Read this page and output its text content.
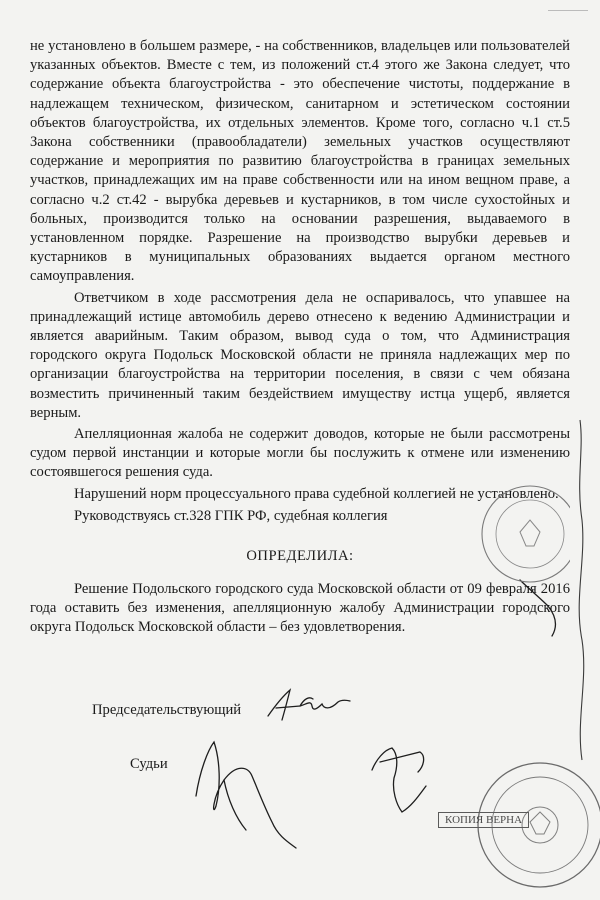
не установлено в большем размере, - на собственников, владельцев или пользователей указанных объектов. Вместе с тем, из положений ст.4 этого же Закона следует, что содержание объекта благоустройства - это обеспечение чистоты, поддержание в надлежащем техническом, физическом, санитарном и эстетическом состоянии объектов благоустройства, их отдельных элементов. Кроме того, согласно ч.1 ст.5 Закона собственники (правообладатели) земельных участков осуществляют содержание и мероприятия по развитию благоустройства в границах земельных участков, принадлежащих им на праве собственности или на ином вещном праве, а согласно ч.2 ст.42 - вырубка деревьев и кустарников, в том числе сухостойных и больных, производится только на основании разрешения, выдаваемого в установленном порядке. Разрешение на производство вырубки деревьев и кустарников в муниципальных образованиях выдается органом местного самоуправления.

Ответчиком в ходе рассмотрения дела не оспаривалось, что упавшее на принадлежащий истице автомобиль дерево отнесено к ведению Администрации и является аварийным. Таким образом, вывод суда о том, что Администрация городского округа Подольск Московской области не приняла надлежащих мер по организации благоустройства на территории поселения, в связи с чем обязана возместить причиненный таким бездействием имуществу истца ущерб, является верным.

Апелляционная жалоба не содержит доводов, которые не были рассмотрены судом первой инстанции и которые могли бы послужить к отмене или изменению состоявшегося решения суда.

Нарушений норм процессуального права судебной коллегией не установлено.

Руководствуясь ст.328 ГПК РФ, судебная коллегия

ОПРЕДЕЛИЛА:

Решение Подольского городского суда Московской области от 09 февраля 2016 года оставить без изменения, апелляционную жалобу Администрации городского округа Подольск Московской области – без удовлетворения.

Председательствующий
Судьи
КОПИЯ ВЕРНА
